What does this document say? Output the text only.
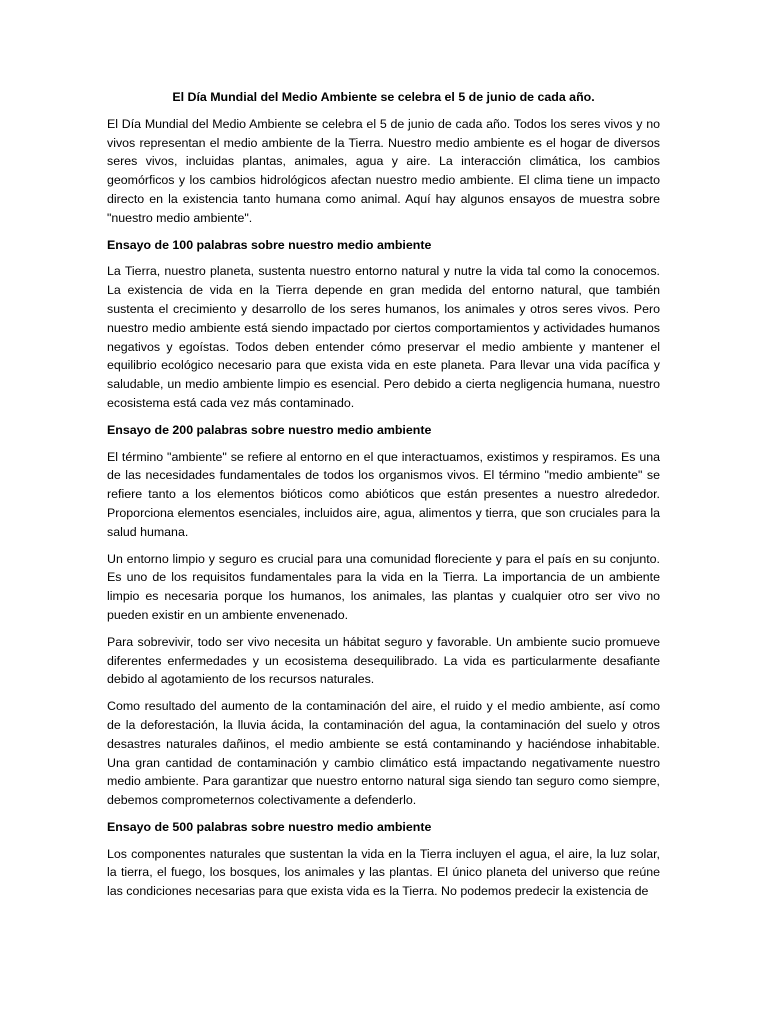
El Día Mundial del Medio Ambiente se celebra el 5 de junio de cada año.

El Día Mundial del Medio Ambiente se celebra el 5 de junio de cada año. Todos los seres vivos y no vivos representan el medio ambiente de la Tierra. Nuestro medio ambiente es el hogar de diversos seres vivos, incluidas plantas, animales, agua y aire. La interacción climática, los cambios geomórficos y los cambios hidrológicos afectan nuestro medio ambiente. El clima tiene un impacto directo en la existencia tanto humana como animal. Aquí hay algunos ensayos de muestra sobre "nuestro medio ambiente".

Ensayo de 100 palabras sobre nuestro medio ambiente

La Tierra, nuestro planeta, sustenta nuestro entorno natural y nutre la vida tal como la conocemos. La existencia de vida en la Tierra depende en gran medida del entorno natural, que también sustenta el crecimiento y desarrollo de los seres humanos, los animales y otros seres vivos. Pero nuestro medio ambiente está siendo impactado por ciertos comportamientos y actividades humanos negativos y egoístas. Todos deben entender cómo preservar el medio ambiente y mantener el equilibrio ecológico necesario para que exista vida en este planeta. Para llevar una vida pacífica y saludable, un medio ambiente limpio es esencial. Pero debido a cierta negligencia humana, nuestro ecosistema está cada vez más contaminado.

Ensayo de 200 palabras sobre nuestro medio ambiente

El término "ambiente" se refiere al entorno en el que interactuamos, existimos y respiramos. Es una de las necesidades fundamentales de todos los organismos vivos. El término "medio ambiente" se refiere tanto a los elementos bióticos como abióticos que están presentes a nuestro alrededor. Proporciona elementos esenciales, incluidos aire, agua, alimentos y tierra, que son cruciales para la salud humana.

Un entorno limpio y seguro es crucial para una comunidad floreciente y para el país en su conjunto. Es uno de los requisitos fundamentales para la vida en la Tierra. La importancia de un ambiente limpio es necesaria porque los humanos, los animales, las plantas y cualquier otro ser vivo no pueden existir en un ambiente envenenado.

Para sobrevivir, todo ser vivo necesita un hábitat seguro y favorable. Un ambiente sucio promueve diferentes enfermedades y un ecosistema desequilibrado. La vida es particularmente desafiante debido al agotamiento de los recursos naturales.

Como resultado del aumento de la contaminación del aire, el ruido y el medio ambiente, así como de la deforestación, la lluvia ácida, la contaminación del agua, la contaminación del suelo y otros desastres naturales dañinos, el medio ambiente se está contaminando y haciéndose inhabitable. Una gran cantidad de contaminación y cambio climático está impactando negativamente nuestro medio ambiente. Para garantizar que nuestro entorno natural siga siendo tan seguro como siempre, debemos comprometernos colectivamente a defenderlo.

Ensayo de 500 palabras sobre nuestro medio ambiente

Los componentes naturales que sustentan la vida en la Tierra incluyen el agua, el aire, la luz solar, la tierra, el fuego, los bosques, los animales y las plantas. El único planeta del universo que reúne las condiciones necesarias para que exista vida es la Tierra. No podemos predecir la existencia de
